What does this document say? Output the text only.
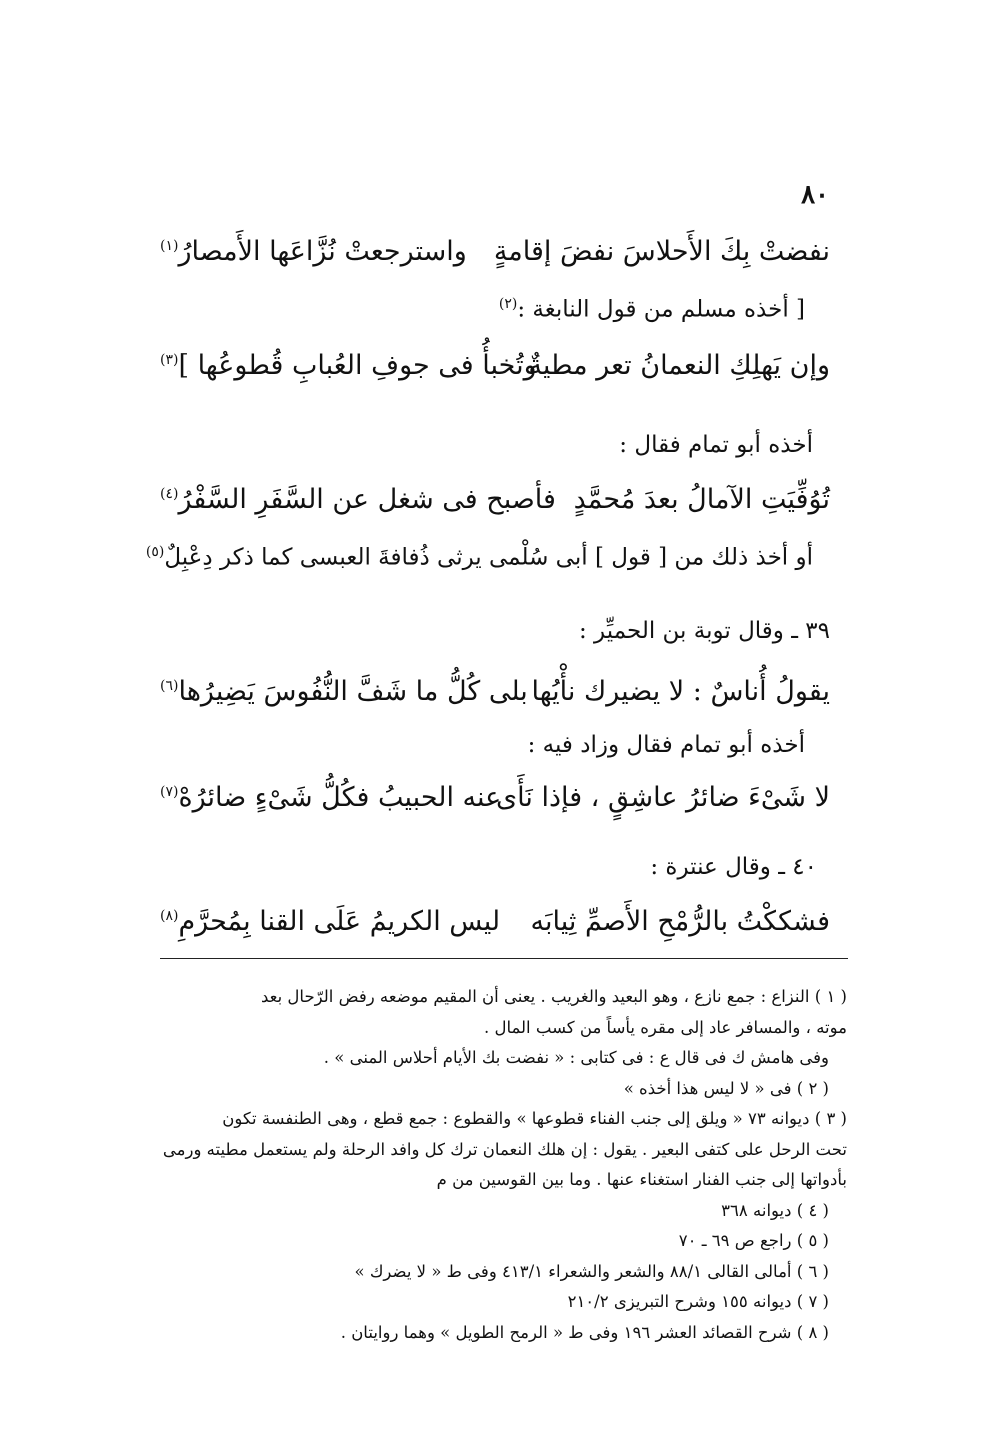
٨٠
نفضتْ بِكَ الأَحلاسَ نفضَ إقامةٍ
واسترجعتْ نُزَّاعَها الأَمصارُ$^{(١)}$
[ أخذه مسلم من قول النابغة :$^{(٢)}$
وإن يَهلِكِ النعمانُ تعر مطيةٌ
وتُخبأُ فى جوفِ العُبابِ قُطوعُها ]$^{(٣)}$
أخذه أبو تمام فقال :
تُوُفِّيَتِ الآمالُ بعدَ مُحمَّدٍ
فأصبح فى شغل عن السَّفَرِ السَّفْرُ$^{(٤)}$
أو أخذ ذلك من [ قول ] أبى سُلْمى يرثى ذُفافةَ العبسى كما ذكر دِعْبِلٌ$^{(٥)}$
٣٩ ـ وقال توبة بن الحميِّر :
يقولُ أُناسٌ : لا يضيرك نأْيُها
بلى كُلُّ ما شَفَّ النُّفُوسَ يَضِيرُها$^{(٦)}$
أخذه أبو تمام فقال وزاد فيه :
لا شَىْءَ ضائرُ عاشِقٍ ، فإذا نَأَى
عنه الحبيبُ فكُلُّ شَىْءٍ ضائرُهْ$^{(٧)}$
٤٠ ـ وقال عنترة :
فشككْتُ بالرُّمْحِ الأَصمِّ ثِيابَه
ليس الكريمُ عَلَى القنا بِمُحرَّمِ$^{(٨)}$

( ١ ) النزاع : جمع نازع ، وهو البعيد والغريب . يعنى أن المقيم موضعه رفض الرّحال بعد

موته ، والمسافر عاد إلى مقره يأساً من كسب المال .

وفى هامش ك فى قال ع : فى كتابى : « نفضت بك الأيام أحلاس المنى » .

( ٢ ) فى « لا ليس هذا أخذه »

( ٣ ) ديوانه ٧٣ « ويلق إلى جنب الفناء قطوعها » والقطوع : جمع قطع ، وهى الطنفسة تكون

تحت الرحل على كتفى البعير . يقول : إن هلك النعمان ترك كل وافد الرحلة ولم يستعمل مطيته ورمى

بأدواتها إلى جنب الفنار استغناء عنها . وما بين القوسين من م

( ٤ ) ديوانه ٣٦٨

( ٥ ) راجع ص ٦٩ ـ ٧٠

( ٦ ) أمالى القالى ٨٨/١ والشعر والشعراء ٤١٣/١ وفى ط « لا يضرك »

( ٧ ) ديوانه ١٥٥ وشرح التبريزى ٢١٠/٢

( ٨ ) شرح القصائد العشر ١٩٦ وفى ط « الرمح الطويل » وهما روايتان .
